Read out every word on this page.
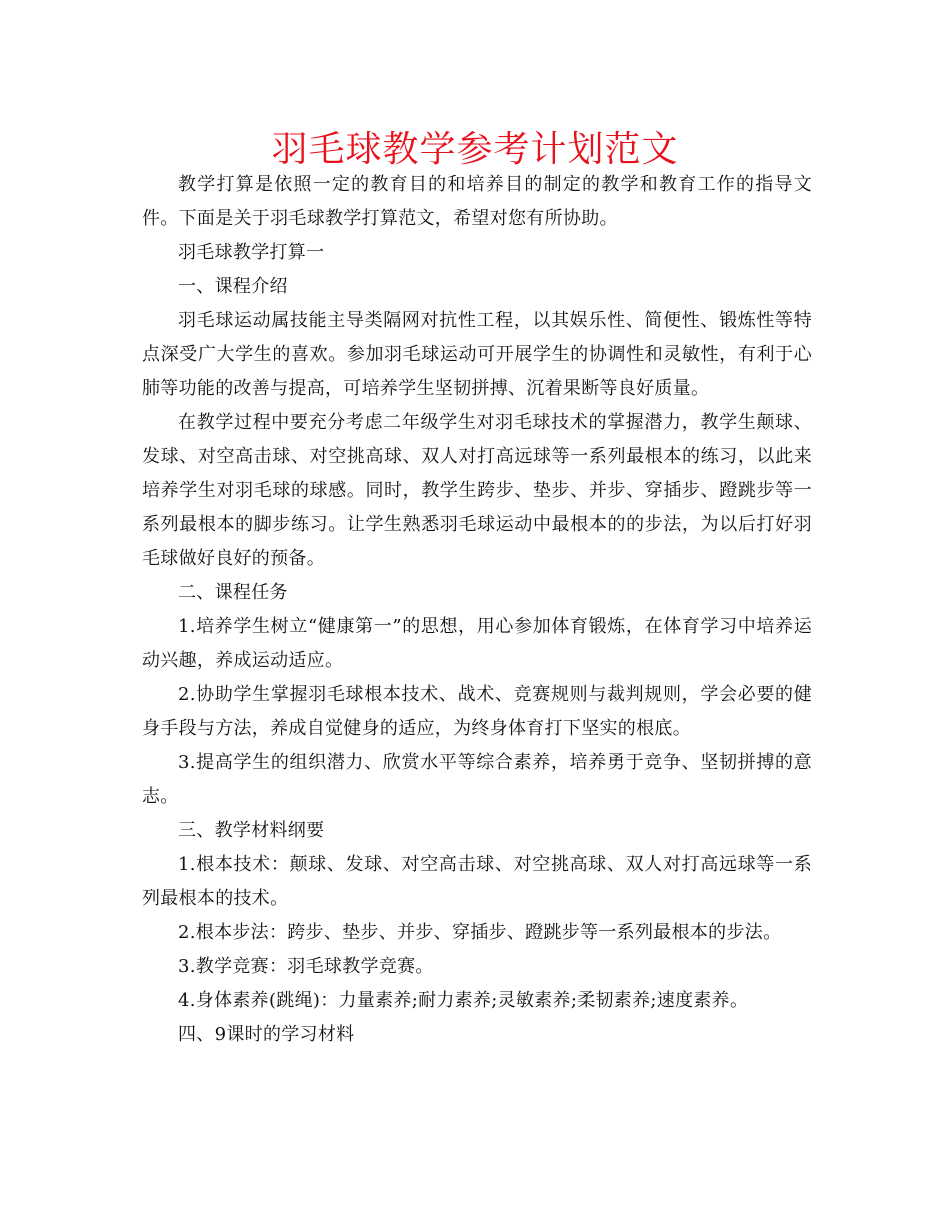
羽毛球教学参考计划范文

教学打算是依照一定的教育目的和培养目的制定的教学和教育工作的指导文件。下面是关于羽毛球教学打算范文，希望对您有所协助。

羽毛球教学打算一

一、课程介绍

羽毛球运动属技能主导类隔网对抗性工程，以其娱乐性、简便性、锻炼性等特点深受广大学生的喜欢。参加羽毛球运动可开展学生的协调性和灵敏性，有利于心肺等功能的改善与提高，可培养学生坚韧拼搏、沉着果断等良好质量。

在教学过程中要充分考虑二年级学生对羽毛球技术的掌握潜力，教学生颠球、发球、对空高击球、对空挑高球、双人对打高远球等一系列最根本的练习，以此来培养学生对羽毛球的球感。同时，教学生跨步、垫步、并步、穿插步、蹬跳步等一系列最根本的脚步练习。让学生熟悉羽毛球运动中最根本的的步法，为以后打好羽毛球做好良好的预备。

二、课程任务

1.培养学生树立“健康第一”的思想，用心参加体育锻炼，在体育学习中培养运动兴趣，养成运动适应。

2.协助学生掌握羽毛球根本技术、战术、竞赛规则与裁判规则，学会必要的健身手段与方法，养成自觉健身的适应，为终身体育打下坚实的根底。

3.提高学生的组织潜力、欣赏水平等综合素养，培养勇于竞争、坚韧拼搏的意志。

三、教学材料纲要

1.根本技术：颠球、发球、对空高击球、对空挑高球、双人对打高远球等一系列最根本的技术。

2.根本步法：跨步、垫步、并步、穿插步、蹬跳步等一系列最根本的步法。

3.教学竞赛：羽毛球教学竞赛。

4.身体素养(跳绳)：力量素养;耐力素养;灵敏素养;柔韧素养;速度素养。

四、9课时的学习材料
